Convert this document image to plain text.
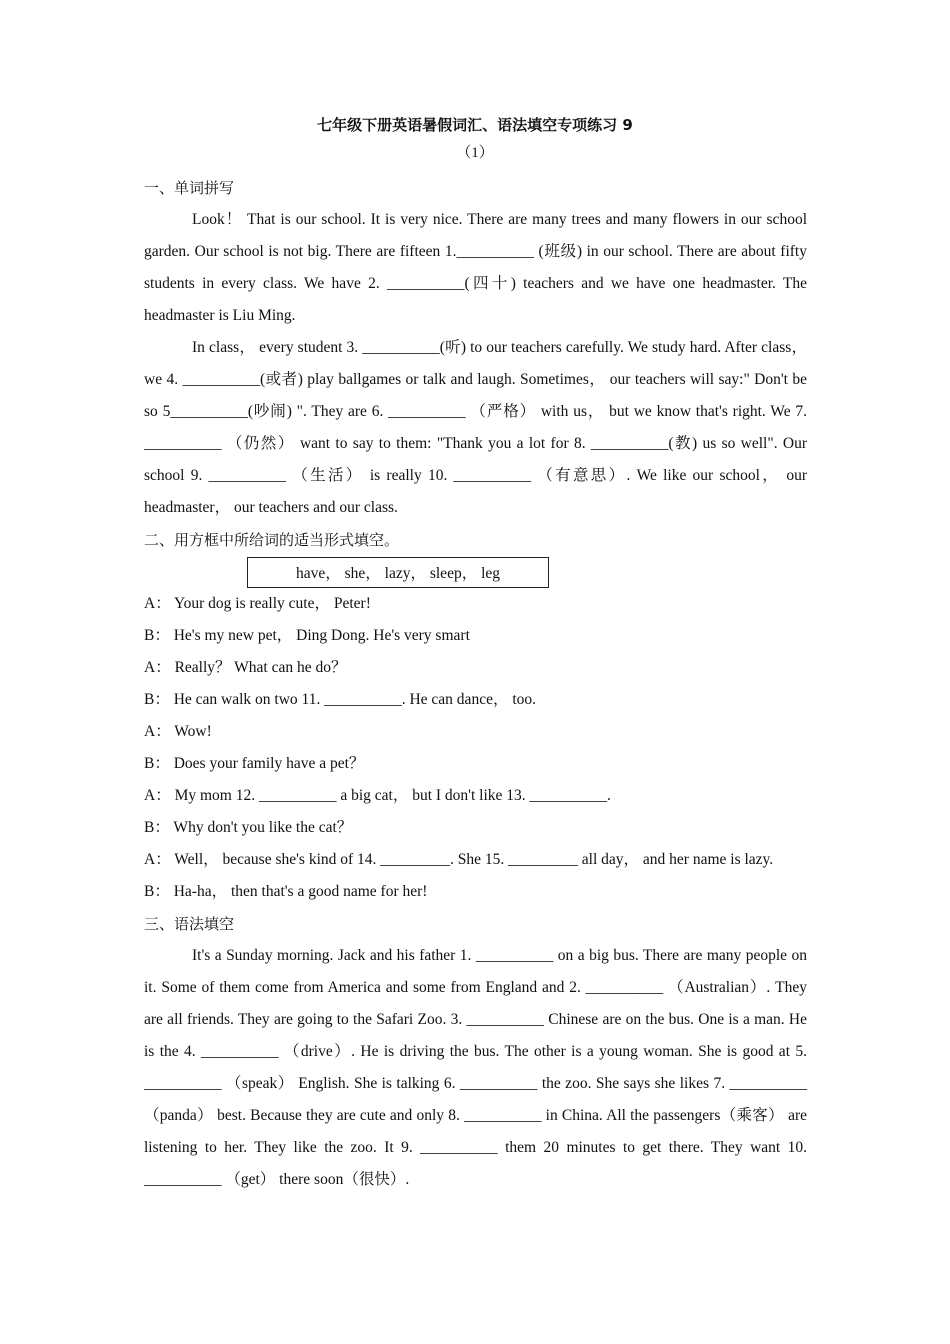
七年级下册英语暑假词汇、语法填空专项练习 9
（1）
一、单词拼写

Look！ That is our school. It is very nice. There are many trees and many flowers in our school garden. Our school is not big. There are fifteen 1.__________ (班级) in our school. There are about fifty students in every class. We have 2. __________(四十) teachers and we have one headmaster. The headmaster is Liu Ming.

In class， every student 3. __________(听) to our teachers carefully. We study hard. After class， we 4. __________(或者) play ballgames or talk and laugh. Sometimes， our teachers will say:" Don't be so 5__________(吵闹) ". They are 6. __________ （严格） with us， but we know that's right. We 7. __________ （仍然） want to say to them: "Thank you a lot for 8. __________(教) us so well". Our school 9. __________ （生活） is really 10. __________ （有意思）. We like our school， our headmaster， our teachers and our class.

二、用方框中所给词的适当形式填空。
have， she， lazy， sleep， leg

A： Your dog is really cute， Peter!

B： He's my new pet， Ding Dong. He's very smart

A： Really？ What can he do？

B： He can walk on two 11. __________. He can dance， too.

A： Wow!

B： Does your family have a pet？

A： My mom 12. __________ a big cat， but I don't like 13. __________.

B： Why don't you like the cat？

A： Well， because she's kind of 14. _________. She 15. _________ all day， and her name is lazy.

B： Ha-ha， then that's a good name for her!

三、语法填空

It's a Sunday morning. Jack and his father 1. __________ on a big bus. There are many people on it. Some of them come from America and some from England and 2. __________ （Australian）. They are all friends. They are going to the Safari Zoo. 3. __________ Chinese are on the bus. One is a man. He is the 4. __________ （drive）. He is driving the bus. The other is a young woman. She is good at 5. __________ （speak） English. She is talking 6. __________ the zoo. She says she likes 7. __________ （panda） best. Because they are cute and only 8. __________ in China. All the passengers（乘客） are listening to her. They like the zoo. It 9. __________ them 20 minutes to get there. They want 10. __________ （get） there soon（很快）.
